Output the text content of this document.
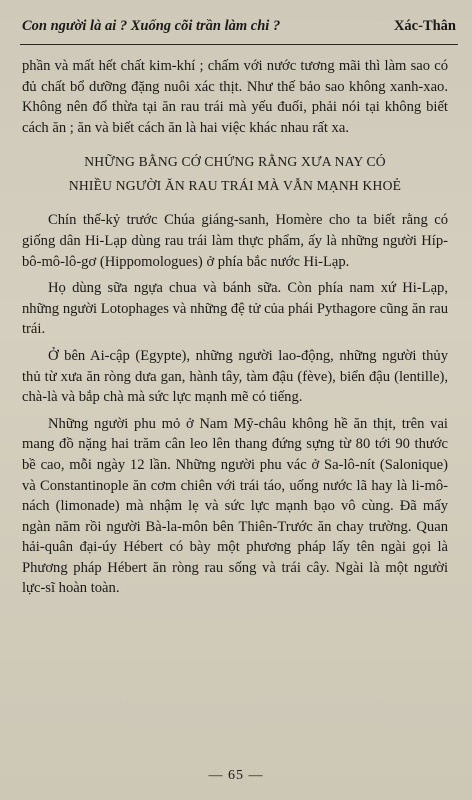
Con người là ai ? Xuống cõi trần làm chi ?	Xác-Thân

phần và mất hết chất kim-khí ; chấm với nước tương mãi thì làm sao có đủ chất bổ dưỡng đặng nuôi xác thịt. Như thế bảo sao không xanh-xao. Không nên đổ thừa tại ăn rau trái mà yếu đuối, phải nói tại không biết cách ăn ; ăn và biết cách ăn là hai việc khác nhau rất xa.

NHỮNG BẰNG CỚ CHỨNG RẰNG XƯA NAY CÓ
NHIỀU NGƯỜI ĂN RAU TRÁI MÀ VẪN MẠNH KHOẺ

Chín thế-kỷ trước Chúa giáng-sanh, Homère cho ta biết rằng có giống dân Hi-Lạp dùng rau trái làm thực phẩm, ấy là những người Híp-bô-mô-lô-gơ (Hippomologues) ở phía bắc nước Hi-Lạp.

Họ dùng sữa ngựa chua và bánh sữa. Còn phía nam xứ Hi-Lạp, những người Lotophages và những đệ tử của phái Pythagore cũng ăn rau trái.

Ở bên Ai-cập (Egypte), những người lao-động, những người thủy thủ từ xưa ăn ròng dưa gan, hành tây, tàm đậu (fève), biển đậu (lentille), chà-là và bắp chà mà sức lực mạnh mẽ có tiếng.

Những người phu mỏ ở Nam Mỹ-châu không hề ăn thịt, trên vai mang đồ nặng hai trăm cân leo lên thang đứng sựng từ 80 tới 90 thước bề cao, mỗi ngày 12 lần. Những người phu vác ở Sa-lô-nít (Salonique) và Constantinople ăn cơm chiên với trái táo, uống nước lã hay là li-mô-nách (limonade) mà nhậm lẹ và sức lực mạnh bạo vô cùng. Đã mấy ngàn năm rồi người Bà-la-môn bên Thiên-Trước ăn chay trường. Quan hải-quân đại-úy Hébert có bày một phương pháp lấy tên ngài gọi là Phương pháp Hébert ăn ròng rau sống và trái cây. Ngài là một người lực-sĩ hoàn toàn.

— 65 —
